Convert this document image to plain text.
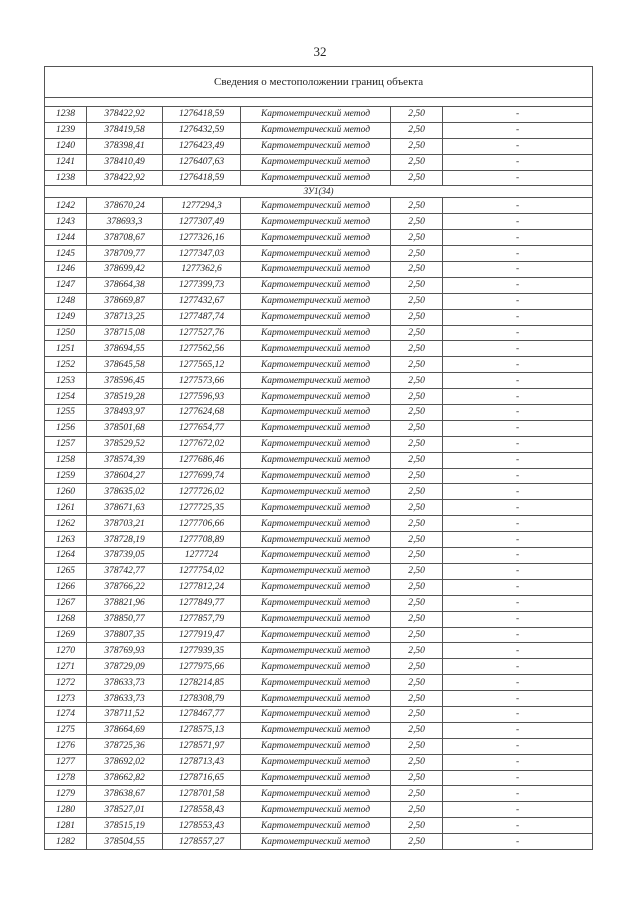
32
Сведения о местоположении границ объекта					

1238	378422,92	1276418,59	Картометрический метод	2,50	-
1239	378419,58	1276432,59	Картометрический метод	2,50	-
1240	378398,41	1276423,49	Картометрический метод	2,50	-
1241	378410,49	1276407,63	Картометрический метод	2,50	-
1238	378422,92	1276418,59	Картометрический метод	2,50	-
ЗУ1(34)					
1242	378670,24	1277294,3	Картометрический метод	2,50	-
1243	378693,3	1277307,49	Картометрический метод	2,50	-
1244	378708,67	1277326,16	Картометрический метод	2,50	-
1245	378709,77	1277347,03	Картометрический метод	2,50	-
1246	378699,42	1277362,6	Картометрический метод	2,50	-
1247	378664,38	1277399,73	Картометрический метод	2,50	-
1248	378669,87	1277432,67	Картометрический метод	2,50	-
1249	378713,25	1277487,74	Картометрический метод	2,50	-
1250	378715,08	1277527,76	Картометрический метод	2,50	-
1251	378694,55	1277562,56	Картометрический метод	2,50	-
1252	378645,58	1277565,12	Картометрический метод	2,50	-
1253	378596,45	1277573,66	Картометрический метод	2,50	-
1254	378519,28	1277596,93	Картометрический метод	2,50	-
1255	378493,97	1277624,68	Картометрический метод	2,50	-
1256	378501,68	1277654,77	Картометрический метод	2,50	-
1257	378529,52	1277672,02	Картометрический метод	2,50	-
1258	378574,39	1277686,46	Картометрический метод	2,50	-
1259	378604,27	1277699,74	Картометрический метод	2,50	-
1260	378635,02	1277726,02	Картометрический метод	2,50	-
1261	378671,63	1277725,35	Картометрический метод	2,50	-
1262	378703,21	1277706,66	Картометрический метод	2,50	-
1263	378728,19	1277708,89	Картометрический метод	2,50	-
1264	378739,05	1277724	Картометрический метод	2,50	-
1265	378742,77	1277754,02	Картометрический метод	2,50	-
1266	378766,22	1277812,24	Картометрический метод	2,50	-
1267	378821,96	1277849,77	Картометрический метод	2,50	-
1268	378850,77	1277857,79	Картометрический метод	2,50	-
1269	378807,35	1277919,47	Картометрический метод	2,50	-
1270	378769,93	1277939,35	Картометрический метод	2,50	-
1271	378729,09	1277975,66	Картометрический метод	2,50	-
1272	378633,73	1278214,85	Картометрический метод	2,50	-
1273	378633,73	1278308,79	Картометрический метод	2,50	-
1274	378711,52	1278467,77	Картометрический метод	2,50	-
1275	378664,69	1278575,13	Картометрический метод	2,50	-
1276	378725,36	1278571,97	Картометрический метод	2,50	-
1277	378692,02	1278713,43	Картометрический метод	2,50	-
1278	378662,82	1278716,65	Картометрический метод	2,50	-
1279	378638,67	1278701,58	Картометрический метод	2,50	-
1280	378527,01	1278558,43	Картометрический метод	2,50	-
1281	378515,19	1278553,43	Картометрический метод	2,50	-
1282	378504,55	1278557,27	Картометрический метод	2,50	-
